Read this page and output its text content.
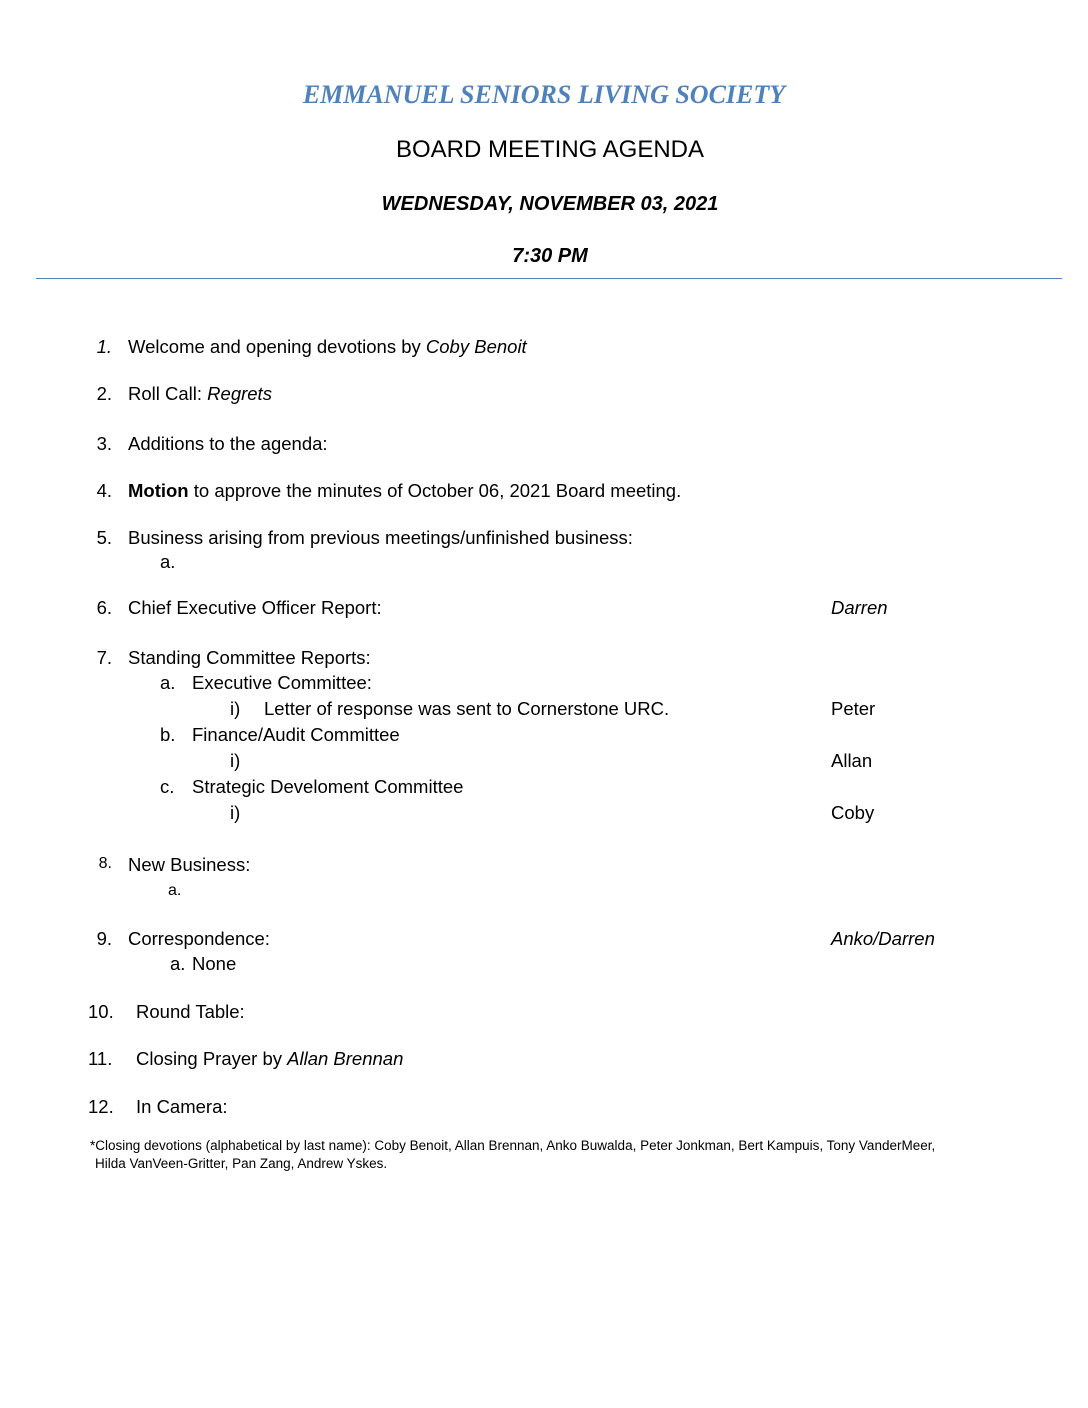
EMMANUEL SENIORS LIVING SOCIETY
BOARD MEETING AGENDA
WEDNESDAY, NOVEMBER 03, 2021
7:30 PM
1. Welcome and opening devotions by Coby Benoit
2. Roll Call: Regrets
3. Additions to the agenda:
4. Motion to approve the minutes of October 06, 2021 Board meeting.
5. Business arising from previous meetings/unfinished business:
a.
6. Chief Executive Officer Report:	Darren
7. Standing Committee Reports:
a. Executive Committee:
i) Letter of response was sent to Cornerstone URC.	Peter
b. Finance/Audit Committee
i)	Allan
c. Strategic Develoment Committee
i)	Coby
8. New Business:
a.
9. Correspondence:	Anko/Darren
a. None
10. Round Table:
11. Closing Prayer by Allan Brennan
12. In Camera:
*Closing devotions (alphabetical by last name): Coby Benoit, Allan Brennan, Anko Buwalda, Peter Jonkman, Bert Kampuis, Tony VanderMeer,
Hilda VanVeen-Gritter, Pan Zang, Andrew Yskes.
